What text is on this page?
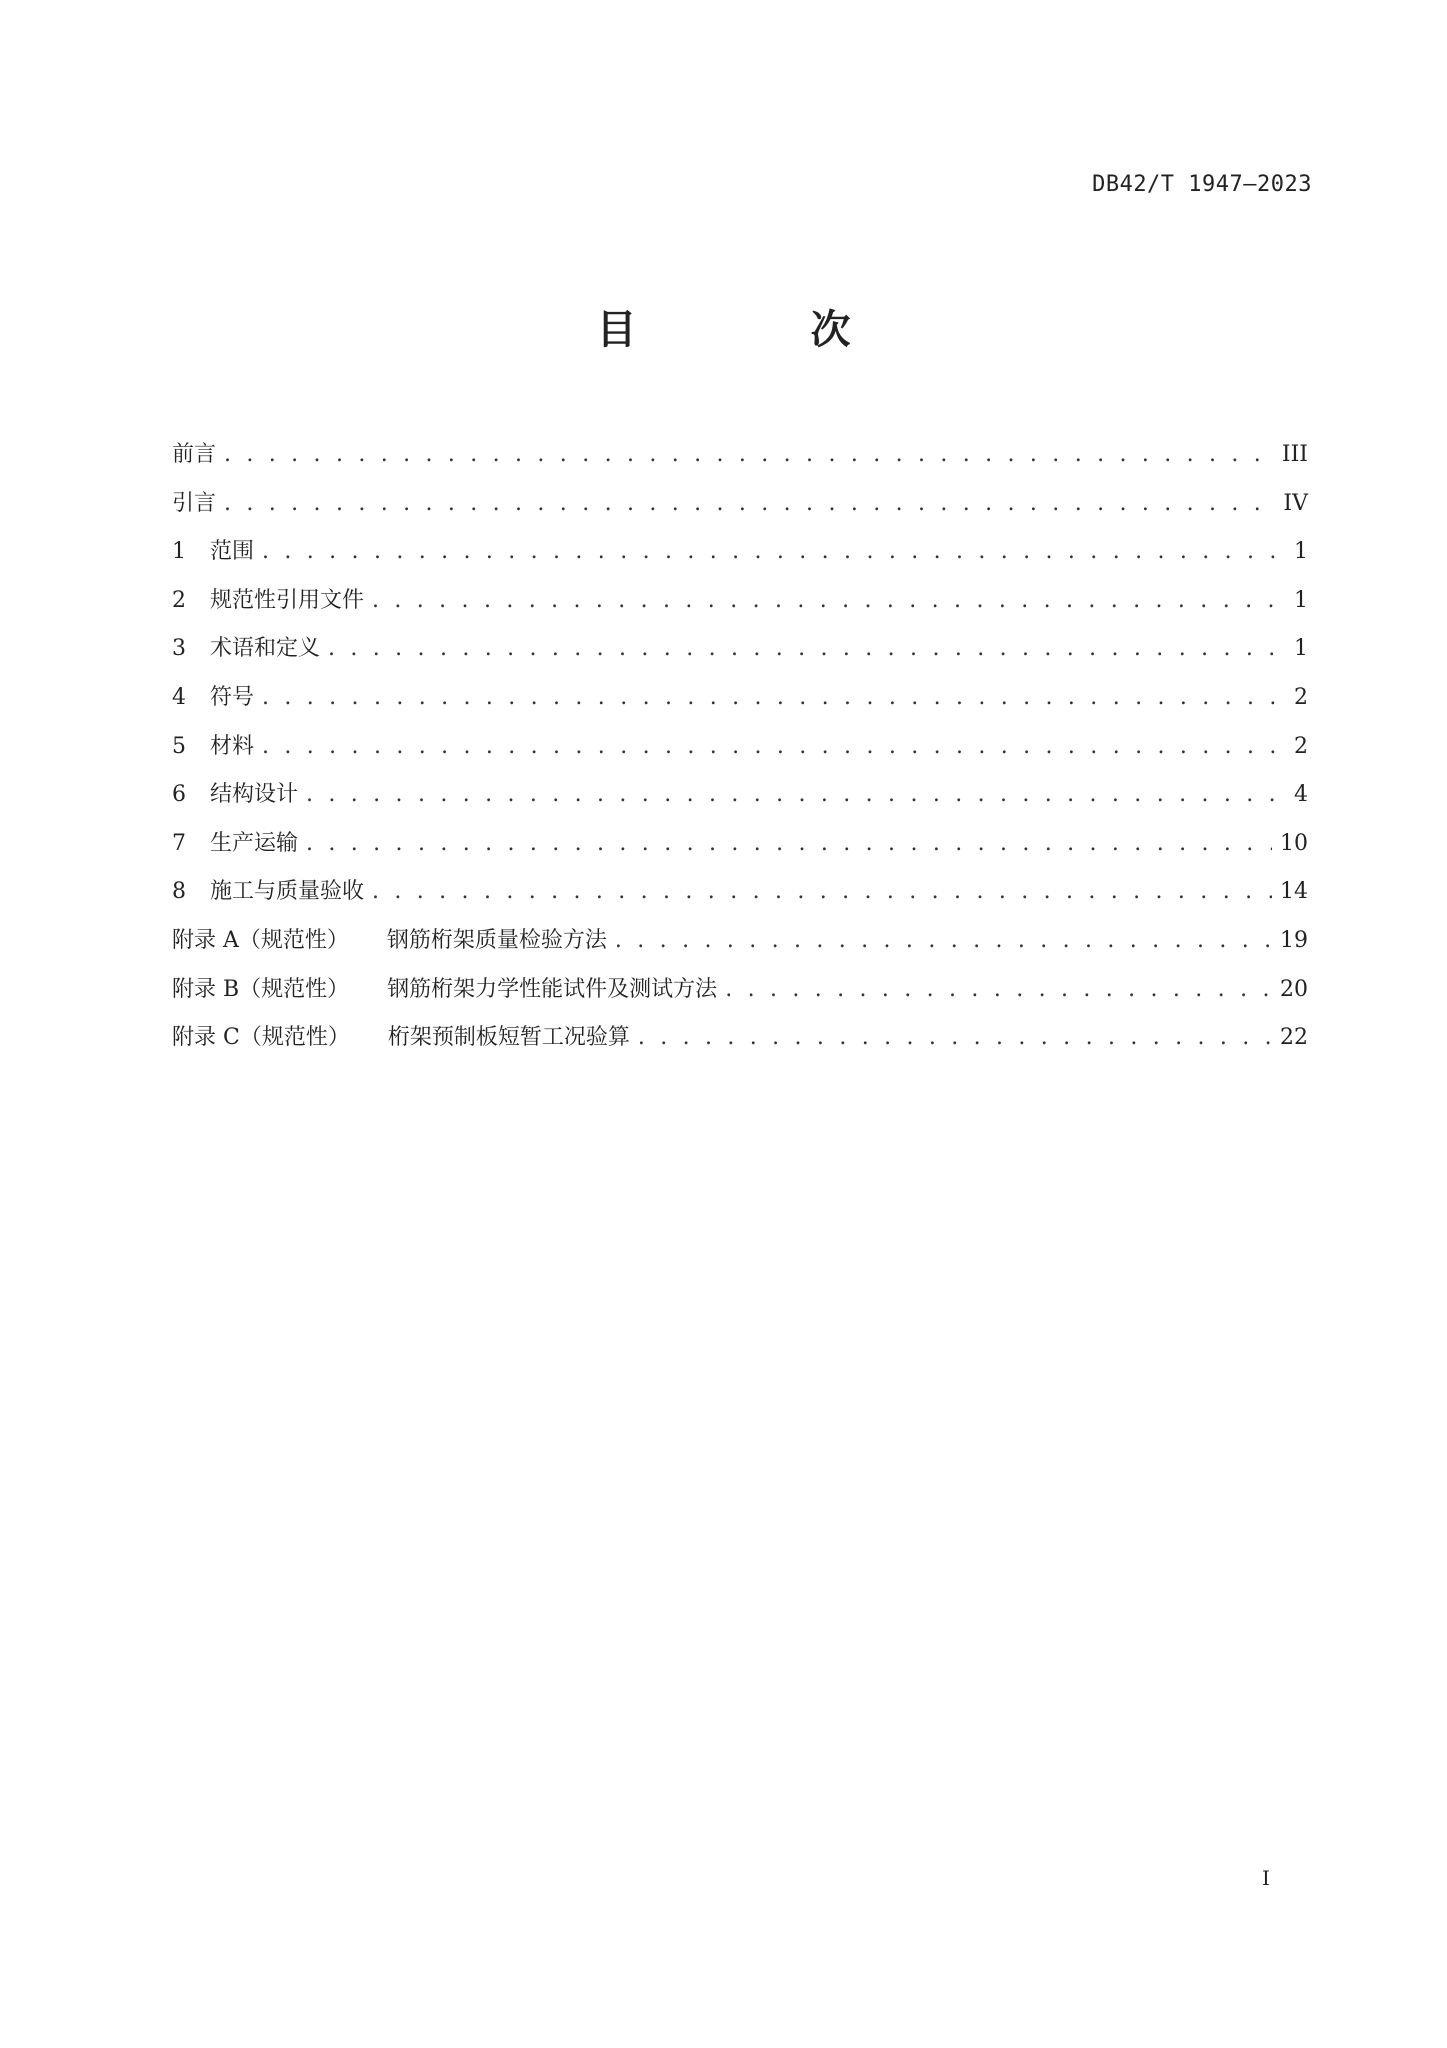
DB42/T 1947—2023
目 次
前言 . . .	III
引言 . . .	IV
1	范围 . . .	1
2	规范性引用文件 . . .	1
3	术语和定义 . . .	1
4	符号 . . .	2
5	材料 . . .	2
6	结构设计 . . .	4
7	生产运输 . . .	10
8	施工与质量验收 . . .	14
附录 A（规范性） 钢筋桁架质量检验方法 . . .	19
附录 B（规范性） 钢筋桁架力学性能试件及测试方法 . . .	20
附录 C（规范性） 桁架预制板短暂工况验算 . . .	22
I
